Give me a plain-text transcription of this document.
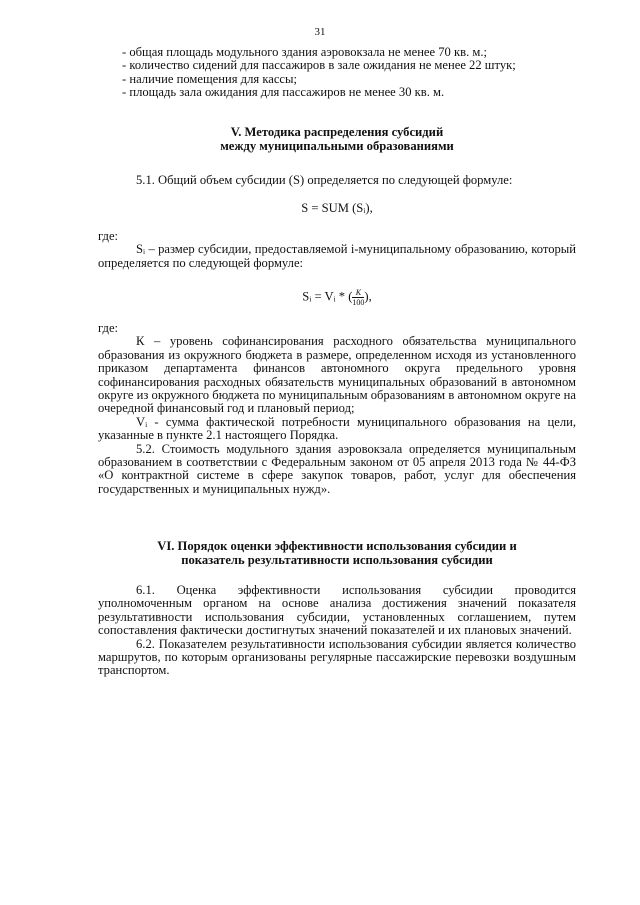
31
- общая площадь модульного здания аэровокзала не менее 70 кв. м.;
- количество сидений для пассажиров в зале ожидания не менее 22 штук;
- наличие помещения для кассы;
- площадь зала ожидания для пассажиров не менее 30 кв. м.
V. Методика распределения субсидий
между муниципальными образованиями

5.1. Общий объем субсидии (S) определяется по следующей формуле:

S = SUM (Sᵢ),

где:

Sᵢ – размер субсидии, предоставляемой i-муниципальному образованию, который определяется по следующей формуле:

Sᵢ = Vᵢ * ( $\frac{К}{100}$ ),

где:

К – уровень софинансирования расходного обязательства муниципального образования из окружного бюджета в размере, определенном исходя из установленного приказом департамента финансов автономного округа предельного уровня софинансирования расходных обязательств муниципальных образований в автономном округе из окружного бюджета по муниципальным образованиям в автономном округе на очередной финансовый год и плановый период;

Vᵢ - сумма фактической потребности муниципального образования на цели, указанные в пункте 2.1 настоящего Порядка.

5.2. Стоимость модульного здания аэровокзала определяется муниципальным образованием в соответствии с Федеральным законом от 05 апреля 2013 года № 44-ФЗ «О контрактной системе в сфере закупок товаров, работ, услуг для обеспечения государственных и муниципальных нужд».

VI. Порядок оценки эффективности использования субсидии и
показатель результативности использования субсидии

6.1. Оценка эффективности использования субсидии проводится уполномоченным органом на основе анализа достижения значений показателя результативности использования субсидии, установленных соглашением, путем сопоставления фактически достигнутых значений показателей и их плановых значений.

6.2. Показателем результативности использования субсидии является количество маршрутов, по которым организованы регулярные пассажирские перевозки воздушным транспортом.
